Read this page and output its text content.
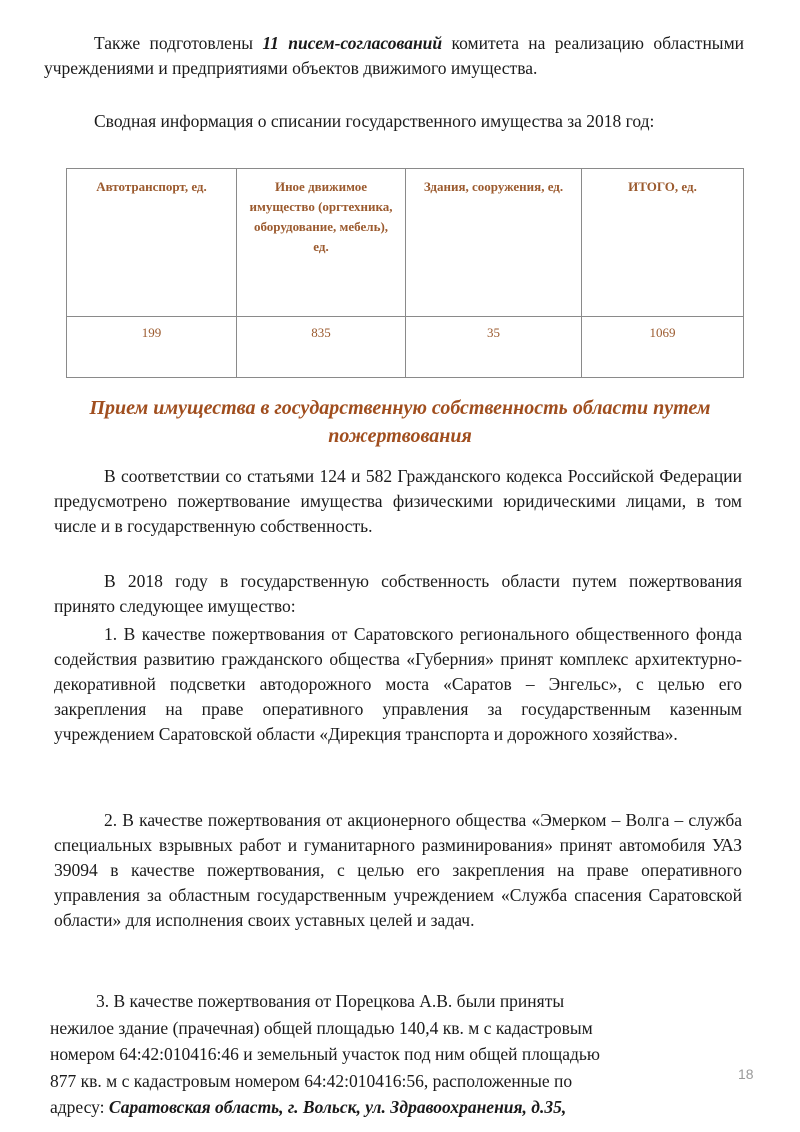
Также подготовлены 11 писем-согласований комитета на реализацию областными учреждениями и предприятиями объектов движимого имущества.

Сводная информация о списании государственного имущества за 2018 год:

Автотранспорт, ед.	Иное движимое имущество (оргтехника, оборудование, мебель), ед.	Здания, сооружения, ед.	ИТОГО, ед.
199	835	35	1069
Прием имущества в государственную собственность области путем пожертвования

В соответствии со статьями 124 и 582 Гражданского кодекса Российской Федерации предусмотрено пожертвование имущества физическими юридическими лицами, в том числе и в государственную собственность.

В 2018 году в государственную собственность области путем пожертвования принято следующее имущество:

1. В качестве пожертвования от Саратовского регионального общественного фонда содействия развитию гражданского общества «Губерния» принят комплекс архитектурно-декоративной подсветки автодорожного моста «Саратов – Энгельс», с целью его закрепления на праве оперативного управления за государственным казенным учреждением Саратовской области «Дирекция транспорта и дорожного хозяйства».

2. В качестве пожертвования от акционерного общества «Эмерком – Волга – служба специальных взрывных работ и гуманитарного разминирования» принят автомобиля УАЗ 39094 в качестве пожертвования, с целью его закрепления на праве оперативного управления за областным государственным учреждением «Служба спасения Саратовской области» для исполнения своих уставных целей и задач.

3. В качестве пожертвования от Порецкова А.В. были приняты
нежилое здание (прачечная) общей площадью 140,4 кв. м с кадастровым
номером 64:42:010416:46 и земельный участок под ним общей площадью
877 кв. м с кадастровым номером 64:42:010416:56, расположенные по
адресу: Саратовская область, г. Вольск, ул. Здравоохранения, д.35,
18
